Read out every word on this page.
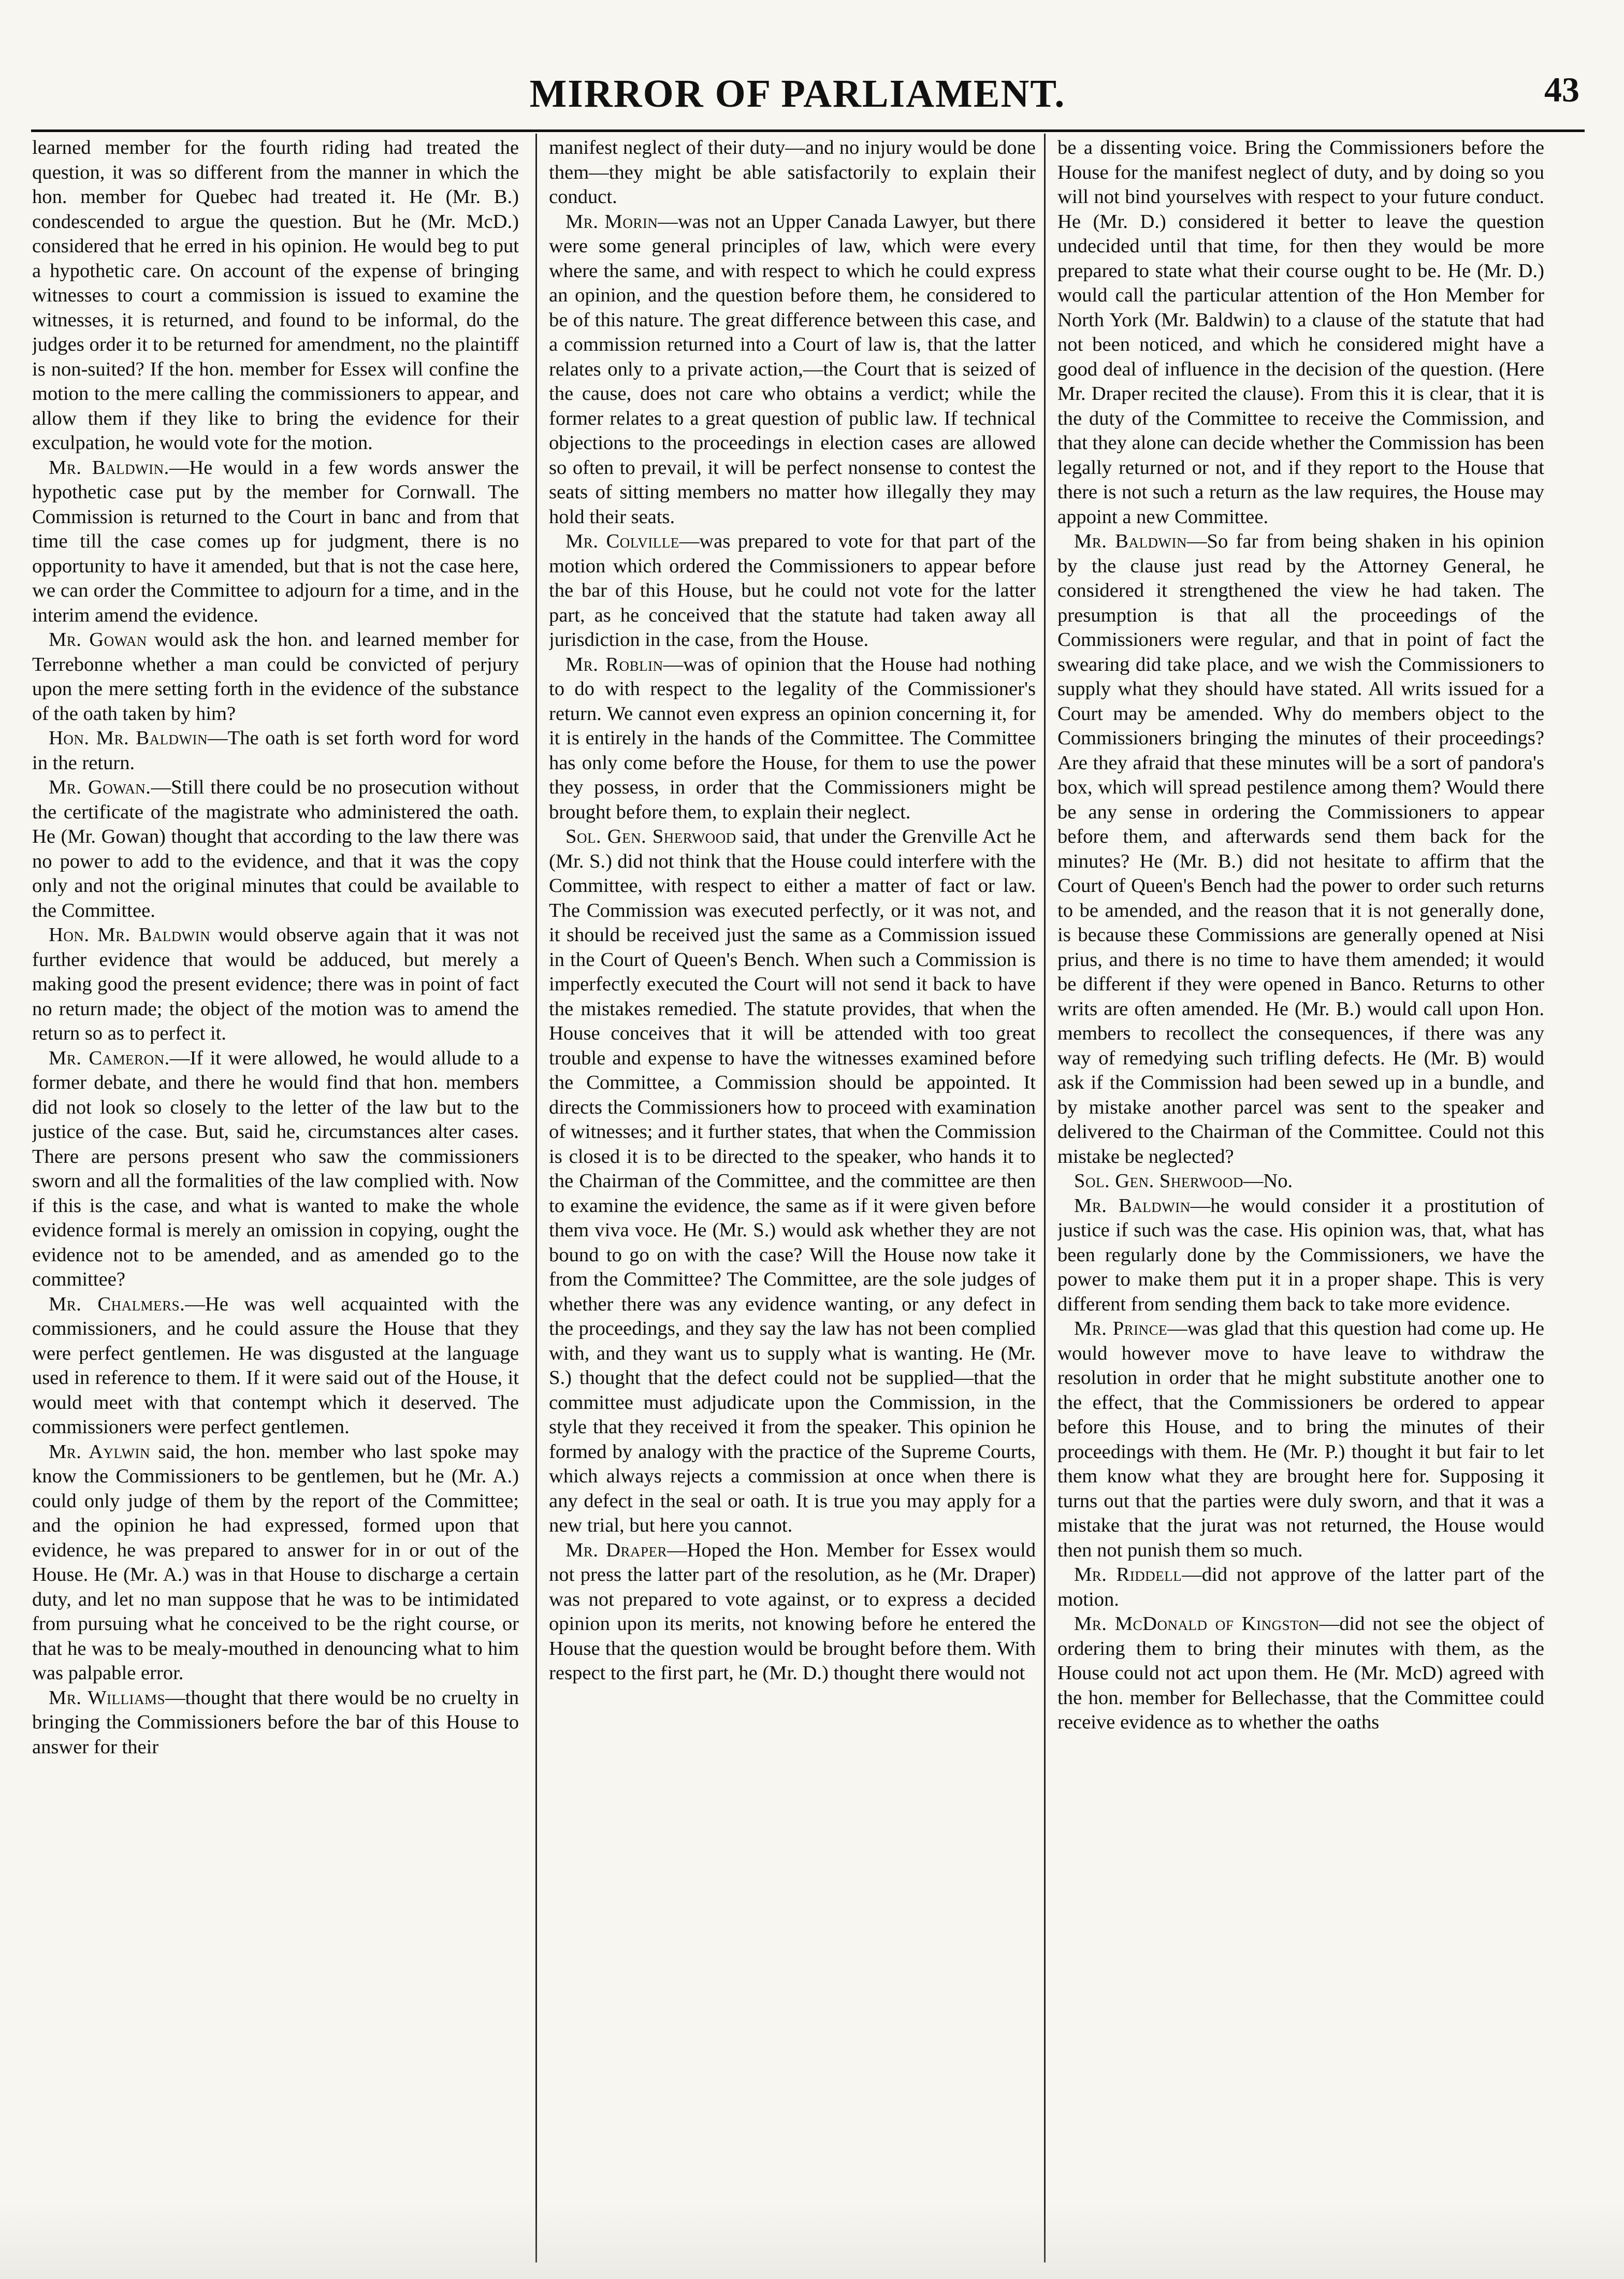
MIRROR OF PARLIAMENT.	43

learned member for the fourth riding had treated the question, it was so different from the manner in which the hon. member for Quebec had treated it. He (Mr. B.) condescended to argue the question. But he (Mr. McD.) considered that he erred in his opinion. He would beg to put a hypothetic care. On account of the expense of bringing witnesses to court a commission is issued to examine the witnesses, it is returned, and found to be informal, do the judges order it to be returned for amendment, no the plaintiff is non-suited? If the hon. member for Essex will confine the motion to the mere calling the commissioners to appear, and allow them if they like to bring the evidence for their exculpation, he would vote for the motion.

Mr. Baldwin.—He would in a few words answer the hypothetic case put by the member for Cornwall. The Commission is returned to the Court in banc and from that time till the case comes up for judgment, there is no opportunity to have it amended, but that is not the case here, we can order the Committee to adjourn for a time, and in the interim amend the evidence.

Mr. Gowan would ask the hon. and learned member for Terrebonne whether a man could be convicted of perjury upon the mere setting forth in the evidence of the substance of the oath taken by him?

Hon. Mr. Baldwin—The oath is set forth word for word in the return.

Mr. Gowan.—Still there could be no prosecution without the certificate of the magistrate who administered the oath. He (Mr. Gowan) thought that according to the law there was no power to add to the evidence, and that it was the copy only and not the original minutes that could be available to the Committee.

Hon. Mr. Baldwin would observe again that it was not further evidence that would be adduced, but merely a making good the present evidence; there was in point of fact no return made; the object of the motion was to amend the return so as to perfect it.

Mr. Cameron.—If it were allowed, he would allude to a former debate, and there he would find that hon. members did not look so closely to the letter of the law but to the justice of the case. But, said he, circumstances alter cases. There are persons present who saw the commissioners sworn and all the formalities of the law complied with. Now if this is the case, and what is wanted to make the whole evidence formal is merely an omission in copying, ought the evidence not to be amended, and as amended go to the committee?

Mr. Chalmers.—He was well acquainted with the commissioners, and he could assure the House that they were perfect gentlemen. He was disgusted at the language used in reference to them. If it were said out of the House, it would meet with that contempt which it deserved. The commissioners were perfect gentlemen.

Mr. Aylwin said, the hon. member who last spoke may know the Commissioners to be gentlemen, but he (Mr. A.) could only judge of them by the report of the Committee; and the opinion he had expressed, formed upon that evidence, he was prepared to answer for in or out of the House. He (Mr. A.) was in that House to discharge a certain duty, and let no man suppose that he was to be intimidated from pursuing what he conceived to be the right course, or that he was to be mealy-mouthed in denouncing what to him was palpable error.

Mr. Williams—thought that there would be no cruelty in bringing the Commissioners before the bar of this House to answer for their

manifest neglect of their duty—and no injury would be done them—they might be able satisfactorily to explain their conduct.

Mr. Morin—was not an Upper Canada Lawyer, but there were some general principles of law, which were every where the same, and with respect to which he could express an opinion, and the question before them, he considered to be of this nature. The great difference between this case, and a commission returned into a Court of law is, that the latter relates only to a private action,—the Court that is seized of the cause, does not care who obtains a verdict; while the former relates to a great question of public law. If technical objections to the proceedings in election cases are allowed so often to prevail, it will be perfect nonsense to contest the seats of sitting members no matter how illegally they may hold their seats.

Mr. Colville—was prepared to vote for that part of the motion which ordered the Commissioners to appear before the bar of this House, but he could not vote for the latter part, as he conceived that the statute had taken away all jurisdiction in the case, from the House.

Mr. Roblin—was of opinion that the House had nothing to do with respect to the legality of the Commissioner's return. We cannot even express an opinion concerning it, for it is entirely in the hands of the Committee. The Committee has only come before the House, for them to use the power they possess, in order that the Commissioners might be brought before them, to explain their neglect.

Sol. Gen. Sherwood said, that under the Grenville Act he (Mr. S.) did not think that the House could interfere with the Committee, with respect to either a matter of fact or law. The Commission was executed perfectly, or it was not, and it should be received just the same as a Commission issued in the Court of Queen's Bench. When such a Commission is imperfectly executed the Court will not send it back to have the mistakes remedied. The statute provides, that when the House conceives that it will be attended with too great trouble and expense to have the witnesses examined before the Committee, a Commission should be appointed. It directs the Commissioners how to proceed with examination of witnesses; and it further states, that when the Commission is closed it is to be directed to the speaker, who hands it to the Chairman of the Committee, and the committee are then to examine the evidence, the same as if it were given before them viva voce. He (Mr. S.) would ask whether they are not bound to go on with the case? Will the House now take it from the Committee? The Committee, are the sole judges of whether there was any evidence wanting, or any defect in the proceedings, and they say the law has not been complied with, and they want us to supply what is wanting. He (Mr. S.) thought that the defect could not be supplied—that the committee must adjudicate upon the Commission, in the style that they received it from the speaker. This opinion he formed by analogy with the practice of the Supreme Courts, which always rejects a commission at once when there is any defect in the seal or oath. It is true you may apply for a new trial, but here you cannot.

Mr. Draper—Hoped the Hon. Member for Essex would not press the latter part of the resolution, as he (Mr. Draper) was not prepared to vote against, or to express a decided opinion upon its merits, not knowing before he entered the House that the question would be brought before them. With respect to the first part, he (Mr. D.) thought there would not

be a dissenting voice. Bring the Commissioners before the House for the manifest neglect of duty, and by doing so you will not bind yourselves with respect to your future conduct. He (Mr. D.) considered it better to leave the question undecided until that time, for then they would be more prepared to state what their course ought to be. He (Mr. D.) would call the particular attention of the Hon Member for North York (Mr. Baldwin) to a clause of the statute that had not been noticed, and which he considered might have a good deal of influence in the decision of the question. (Here Mr. Draper recited the clause). From this it is clear, that it is the duty of the Committee to receive the Commission, and that they alone can decide whether the Commission has been legally returned or not, and if they report to the House that there is not such a return as the law requires, the House may appoint a new Committee.

Mr. Baldwin—So far from being shaken in his opinion by the clause just read by the Attorney General, he considered it strengthened the view he had taken. The presumption is that all the proceedings of the Commissioners were regular, and that in point of fact the swearing did take place, and we wish the Commissioners to supply what they should have stated. All writs issued for a Court may be amended. Why do members object to the Commissioners bringing the minutes of their proceedings? Are they afraid that these minutes will be a sort of pandora's box, which will spread pestilence among them? Would there be any sense in ordering the Commissioners to appear before them, and afterwards send them back for the minutes? He (Mr. B.) did not hesitate to affirm that the Court of Queen's Bench had the power to order such returns to be amended, and the reason that it is not generally done, is because these Commissions are generally opened at Nisi prius, and there is no time to have them amended; it would be different if they were opened in Banco. Returns to other writs are often amended. He (Mr. B.) would call upon Hon. members to recollect the consequences, if there was any way of remedying such trifling defects. He (Mr. B) would ask if the Commission had been sewed up in a bundle, and by mistake another parcel was sent to the speaker and delivered to the Chairman of the Committee. Could not this mistake be neglected?

Sol. Gen. Sherwood—No.

Mr. Baldwin—he would consider it a prostitution of justice if such was the case. His opinion was, that, what has been regularly done by the Commissioners, we have the power to make them put it in a proper shape. This is very different from sending them back to take more evidence.

Mr. Prince—was glad that this question had come up. He would however move to have leave to withdraw the resolution in order that he might substitute another one to the effect, that the Commissioners be ordered to appear before this House, and to bring the minutes of their proceedings with them. He (Mr. P.) thought it but fair to let them know what they are brought here for. Supposing it turns out that the parties were duly sworn, and that it was a mistake that the jurat was not returned, the House would then not punish them so much.

Mr. Riddell—did not approve of the latter part of the motion.

Mr. McDonald of Kingston—did not see the object of ordering them to bring their minutes with them, as the House could not act upon them. He (Mr. McD) agreed with the hon. member for Bellechasse, that the Committee could receive evidence as to whether the oaths
